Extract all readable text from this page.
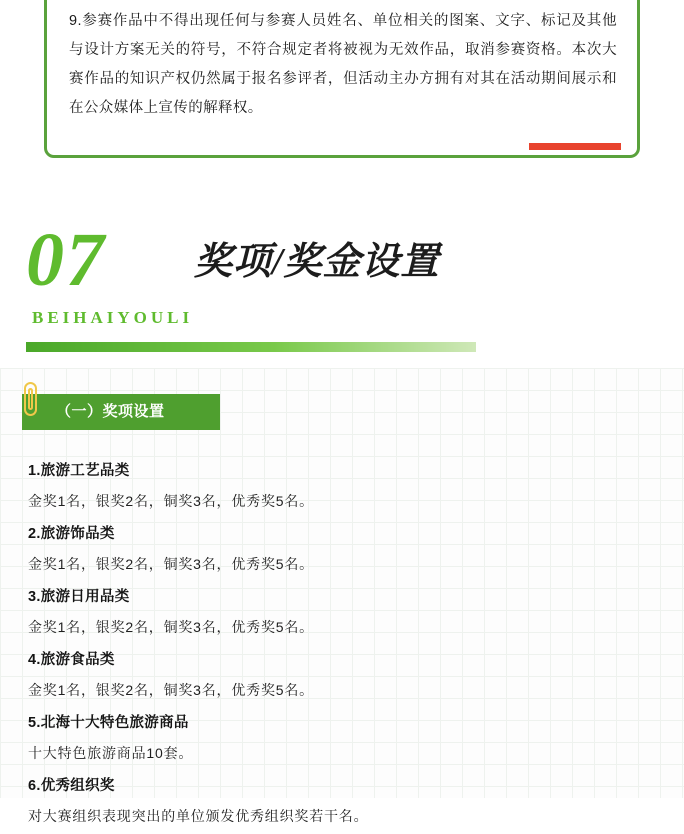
9.参赛作品中不得出现任何与参赛人员姓名、单位相关的图案、文字、标记及其他与设计方案无关的符号，不符合规定者将被视为无效作品，取消参赛资格。本次大赛作品的知识产权仍然属于报名参评者，但活动主办方拥有对其在活动期间展示和在公众媒体上宣传的解释权。

07 奖项/奖金设置
BEIHAIYOULI
（一）奖项设置
1.旅游工艺品类
金奖1名，银奖2名，铜奖3名，优秀奖5名。
2.旅游饰品类
金奖1名，银奖2名，铜奖3名，优秀奖5名。
3.旅游日用品类
金奖1名，银奖2名，铜奖3名，优秀奖5名。
4.旅游食品类
金奖1名，银奖2名，铜奖3名，优秀奖5名。
5.北海十大特色旅游商品
十大特色旅游商品10套。
6.优秀组织奖
对大赛组织表现突出的单位颁发优秀组织奖若干名。
